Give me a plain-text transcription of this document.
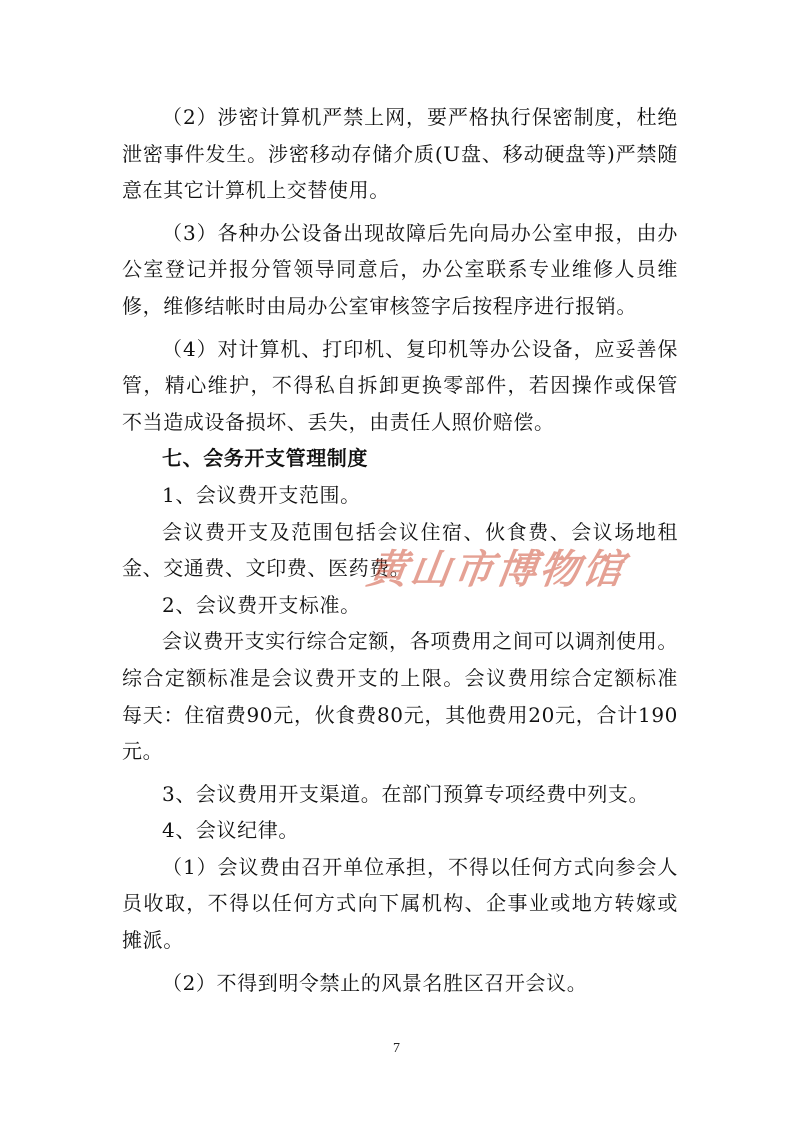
（2）涉密计算机严禁上网，要严格执行保密制度，杜绝泄密事件发生。涉密移动存储介质(U盘、移动硬盘等)严禁随意在其它计算机上交替使用。

（3）各种办公设备出现故障后先向局办公室申报，由办公室登记并报分管领导同意后，办公室联系专业维修人员维修，维修结帐时由局办公室审核签字后按程序进行报销。

（4）对计算机、打印机、复印机等办公设备，应妥善保管，精心维护，不得私自拆卸更换零部件，若因操作或保管不当造成设备损坏、丢失，由责任人照价赔偿。

七、会务开支管理制度

1、会议费开支范围。

会议费开支及范围包括会议住宿、伙食费、会议场地租金、交通费、文印费、医药费。

2、会议费开支标准。

会议费开支实行综合定额，各项费用之间可以调剂使用。综合定额标准是会议费开支的上限。会议费用综合定额标准每天：住宿费90元，伙食费80元，其他费用20元，合计190元。

3、会议费用开支渠道。在部门预算专项经费中列支。

4、会议纪律。

（1）会议费由召开单位承担，不得以任何方式向参会人员收取，不得以任何方式向下属机构、企事业或地方转嫁或摊派。

（2）不得到明令禁止的风景名胜区召开会议。

黄山市博物馆
7
